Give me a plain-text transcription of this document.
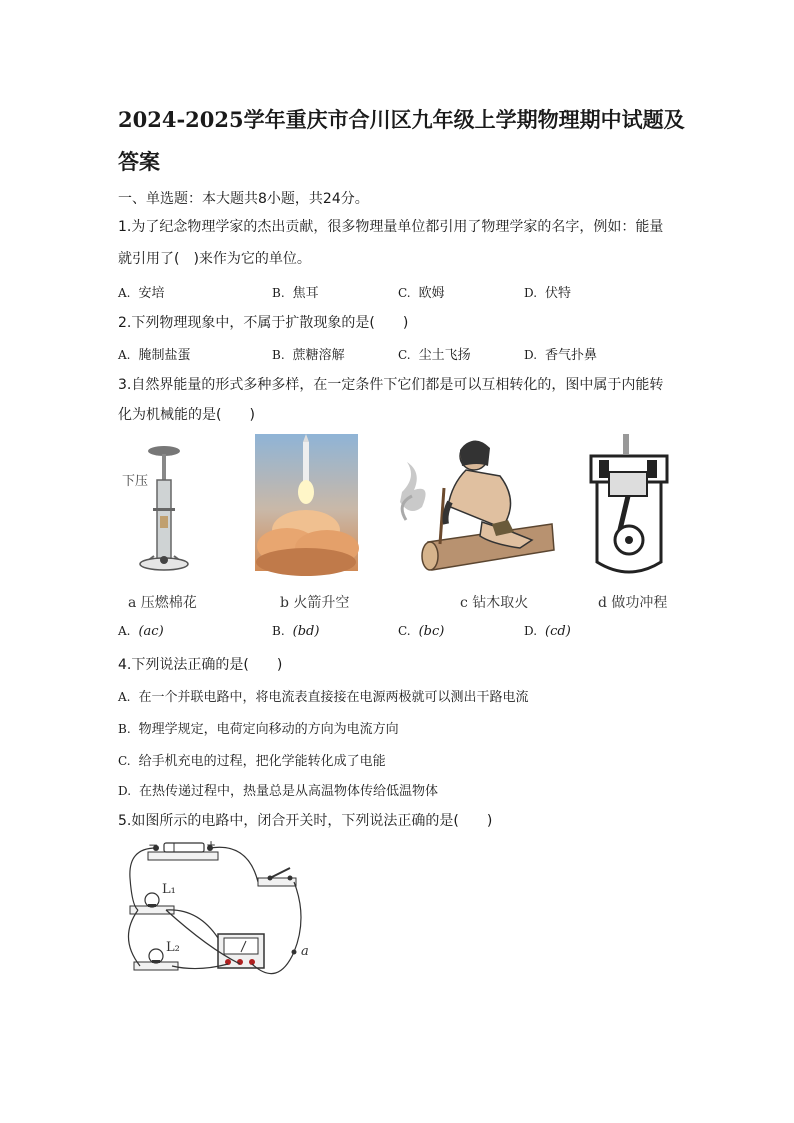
2024-2025学年重庆市合川区九年级上学期物理期中试题及
答案
一、单选题：本大题共8小题，共24分。
1.为了纪念物理学家的杰出贡献，很多物理量单位都引用了物理学家的名字，例如：能量
就引用了(　)来作为它的单位。
A. 安培	B. 焦耳	C. 欧姆	D. 伏特
2.下列物理现象中，不属于扩散现象的是(　　)
A. 腌制盐蛋	B. 蔗糖溶解	C. 尘土飞扬	D. 香气扑鼻
3.自然界能量的形式多种多样，在一定条件下它们都是可以互相转化的，图中属于内能转
化为机械能的是(　　)
下压
a 压燃棉花	b 火箭升空	c 钻木取火	d 做功冲程
A. (ac)	B. (bd)	C. (bc)	D. (cd)
4.下列说法正确的是(　　)
A. 在一个并联电路中，将电流表直接接在电源两极就可以测出干路电流
B. 物理学规定，电荷定向移动的方向为电流方向
C. 给手机充电的过程，把化学能转化成了电能
D. 在热传递过程中，热量总是从高温物体传给低温物体
5.如图所示的电路中，闭合开关时，下列说法正确的是(　　)
−	+
L₁
L₂	a
